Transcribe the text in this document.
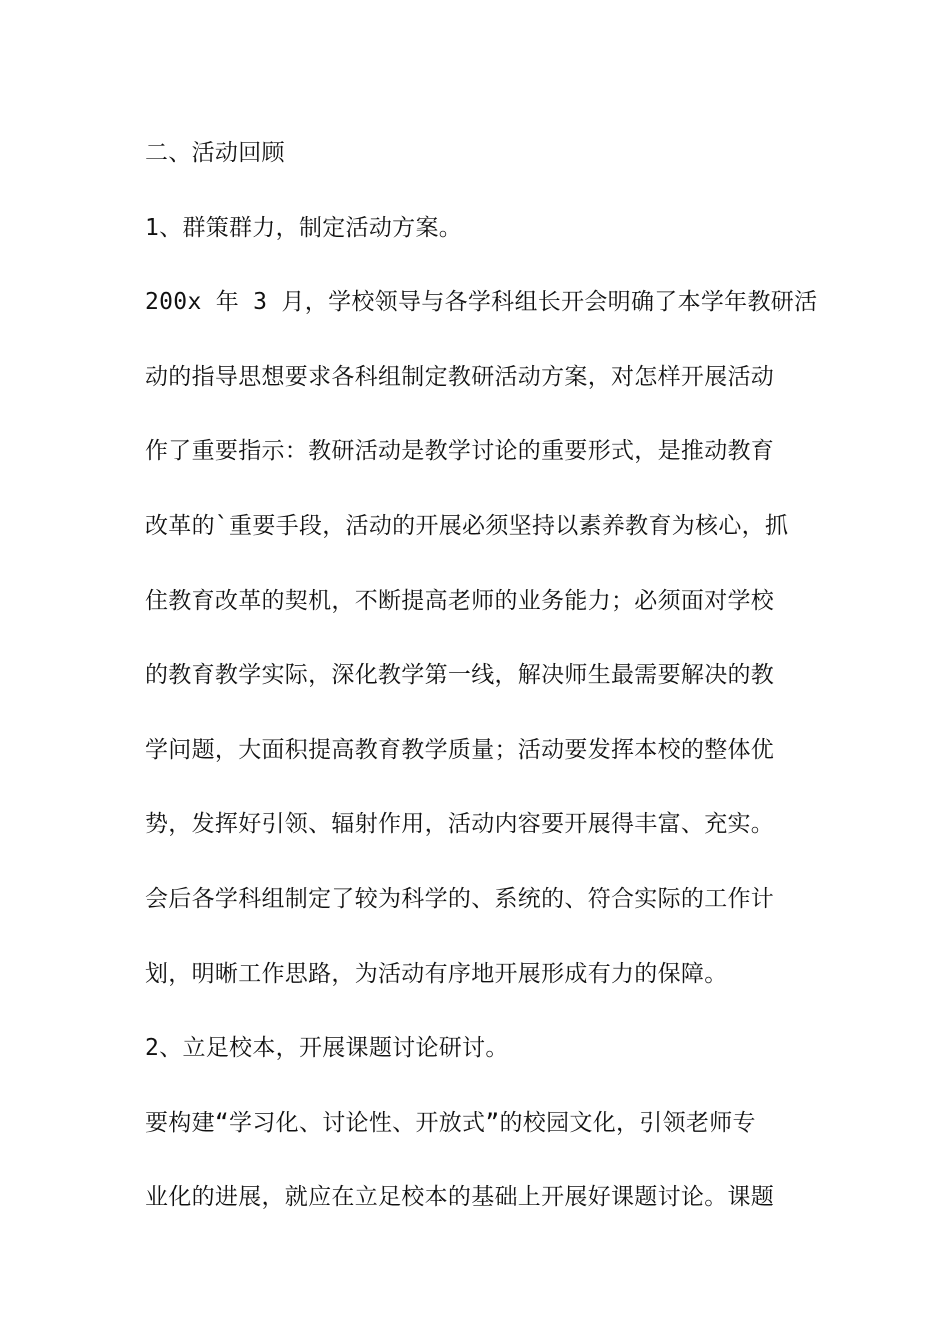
二、活动回顾
1、群策群力，制定活动方案。
200x 年 3 月，学校领导与各学科组长开会明确了本学年教研活
动的指导思想要求各科组制定教研活动方案，对怎样开展活动
作了重要指示：教研活动是教学讨论的重要形式，是推动教育
改革的`重要手段，活动的开展必须坚持以素养教育为核心，抓
住教育改革的契机，不断提高老师的业务能力；必须面对学校
的教育教学实际，深化教学第一线，解决师生最需要解决的教
学问题，大面积提高教育教学质量；活动要发挥本校的整体优
势，发挥好引领、辐射作用，活动内容要开展得丰富、充实。
会后各学科组制定了较为科学的、系统的、符合实际的工作计
划，明晰工作思路，为活动有序地开展形成有力的保障。
2、立足校本，开展课题讨论研讨。
要构建“学习化、讨论性、开放式”的校园文化，引领老师专
业化的进展，就应在立足校本的基础上开展好课题讨论。课题
